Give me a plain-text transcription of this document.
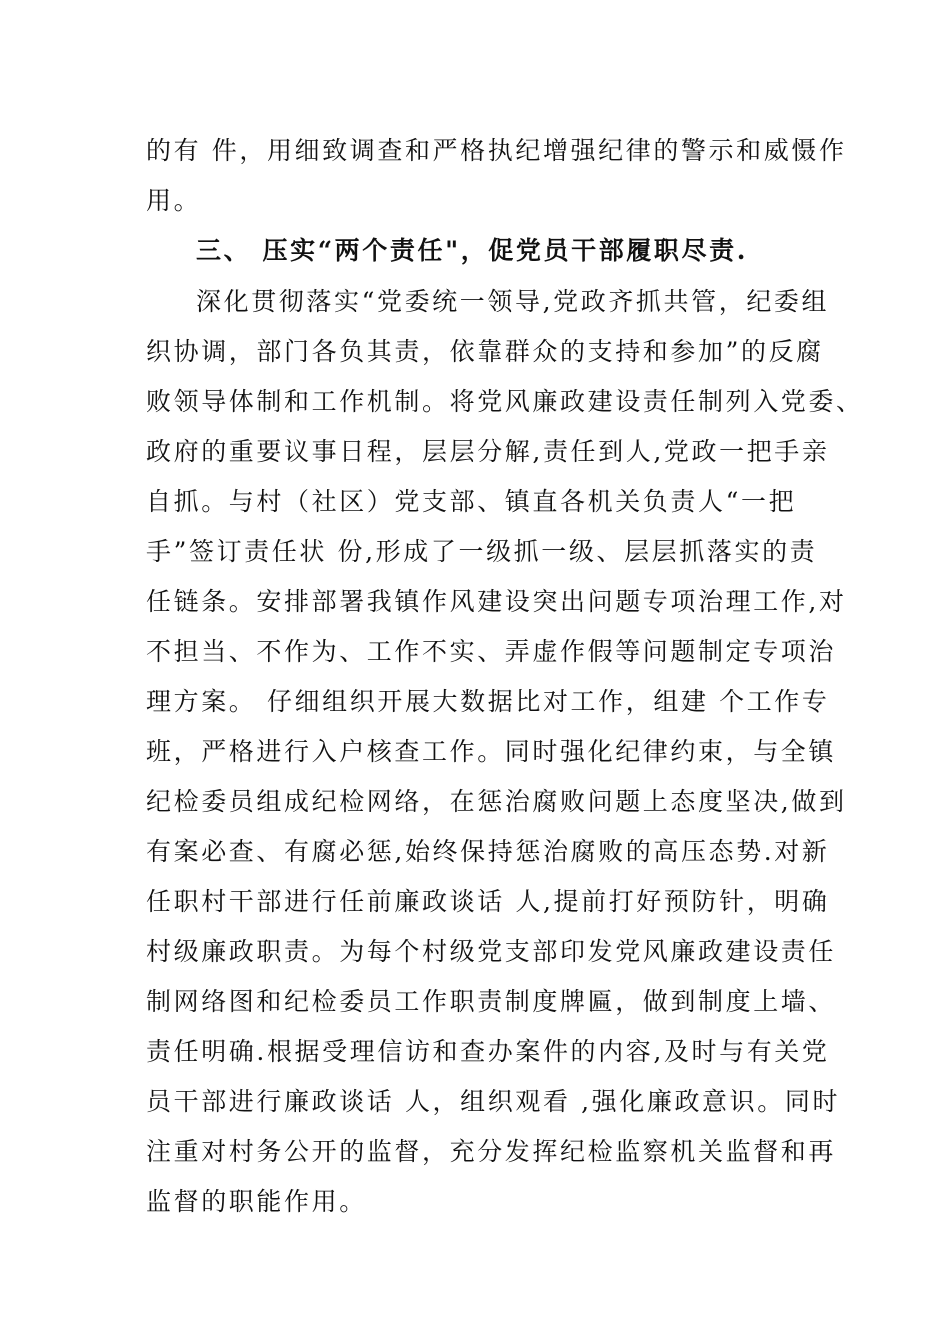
的有 件，用细致调查和严格执纪增强纪律的警示和威慑作
用。
三、 压实“两个责任"，促党员干部履职尽责.
深化贯彻落实“党委统一领导,党政齐抓共管，纪委组
织协调，部门各负其责，依靠群众的支持和参加”的反腐
败领导体制和工作机制。将党风廉政建设责任制列入党委、
政府的重要议事日程，层层分解,责任到人,党政一把手亲
自抓。与村（社区）党支部、镇直各机关负责人“一把
手”签订责任状 份,形成了一级抓一级、层层抓落实的责
任链条。安排部署我镇作风建设突出问题专项治理工作,对
不担当、不作为、工作不实、弄虚作假等问题制定专项治
理方案。 仔细组织开展大数据比对工作，组建 个工作专
班，严格进行入户核查工作。同时强化纪律约束，与全镇
纪检委员组成纪检网络，在惩治腐败问题上态度坚决,做到
有案必查、有腐必惩,始终保持惩治腐败的高压态势.对新
任职村干部进行任前廉政谈话 人,提前打好预防针，明确
村级廉政职责。为每个村级党支部印发党风廉政建设责任
制网络图和纪检委员工作职责制度牌匾，做到制度上墙、
责任明确.根据受理信访和查办案件的内容,及时与有关党
员干部进行廉政谈话 人，组织观看 ,强化廉政意识。同时
注重对村务公开的监督，充分发挥纪检监察机关监督和再
监督的职能作用。
